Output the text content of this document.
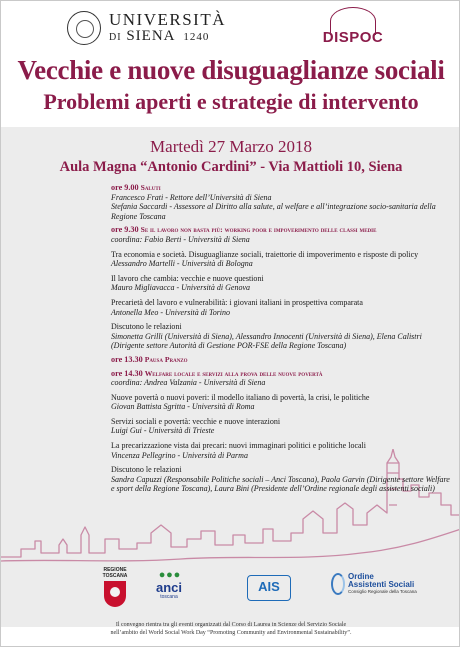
UNIVERSITÀ
DI SIENA 1240	DISPOC
Vecchie e nuove disuguaglianze sociali
Problemi aperti e strategie di intervento
Martedì 27 Marzo 2018
Aula Magna “Antonio Cardini” - Via Mattioli 10, Siena
ore 9.00 Saluti
Francesco Frati - Rettore dell’Università di Siena
Stefania Saccardi - Assessore al Diritto alla salute, al welfare e all’integrazione socio-sanitaria della Regione Toscana
ore 9.30 Se il lavoro non basta più: working poor e impoverimento delle classi medie
coordina: Fabio Berti - Università di Siena
Tra economia e società. Disuguaglianze sociali, traiettorie di impoverimento e risposte di policy
Alessandro Martelli - Università di Bologna
Il lavoro che cambia: vecchie e nuove questioni
Mauro Migliavacca - Università di Genova
Precarietà del lavoro e vulnerabilità: i giovani italiani in prospettiva comparata
Antonella Meo - Università di Torino
Discutono le relazioni
Simonetta Grilli (Università di Siena), Alessandro Innocenti (Università di Siena), Elena Calistri (Dirigente settore Autorità di Gestione POR-FSE della Regione Toscana)
ore 13.30 Pausa Pranzo
ore 14.30 Welfare locale e servizi alla prova delle nuove povertà
coordina: Andrea Valzania - Università di Siena
Nuove povertà o nuovi poveri: il modello italiano di povertà, la crisi, le politiche
Giovan Battista Sgritta - Università di Roma
Servizi sociali e povertà: vecchie e nuove interazioni
Luigi Gui - Università di Trieste
La precarizzazione vista dai precari: nuovi immaginari politici e politiche locali
Vincenza Pellegrino - Università di Parma
Discutono le relazioni
Sandra Capuzzi (Responsabile Politiche sociali – Anci Toscana), Paola Garvin (Dirigente settore Welfare e sport della Regione Toscana), Laura Bini (Presidente dell’Ordine regionale degli assistenti sociali)
REGIONE
TOSCANA	● ● ●
anci
toscana
AIS
Ordine
Assistenti Sociali
Consiglio Regionale della Toscana
Il convegno rientra tra gli eventi organizzati dal Corso di Laurea in Scienze del Servizio Sociale
nell’ambito del World Social Work Day “Promoting Community and Environmental Sustainability”.
